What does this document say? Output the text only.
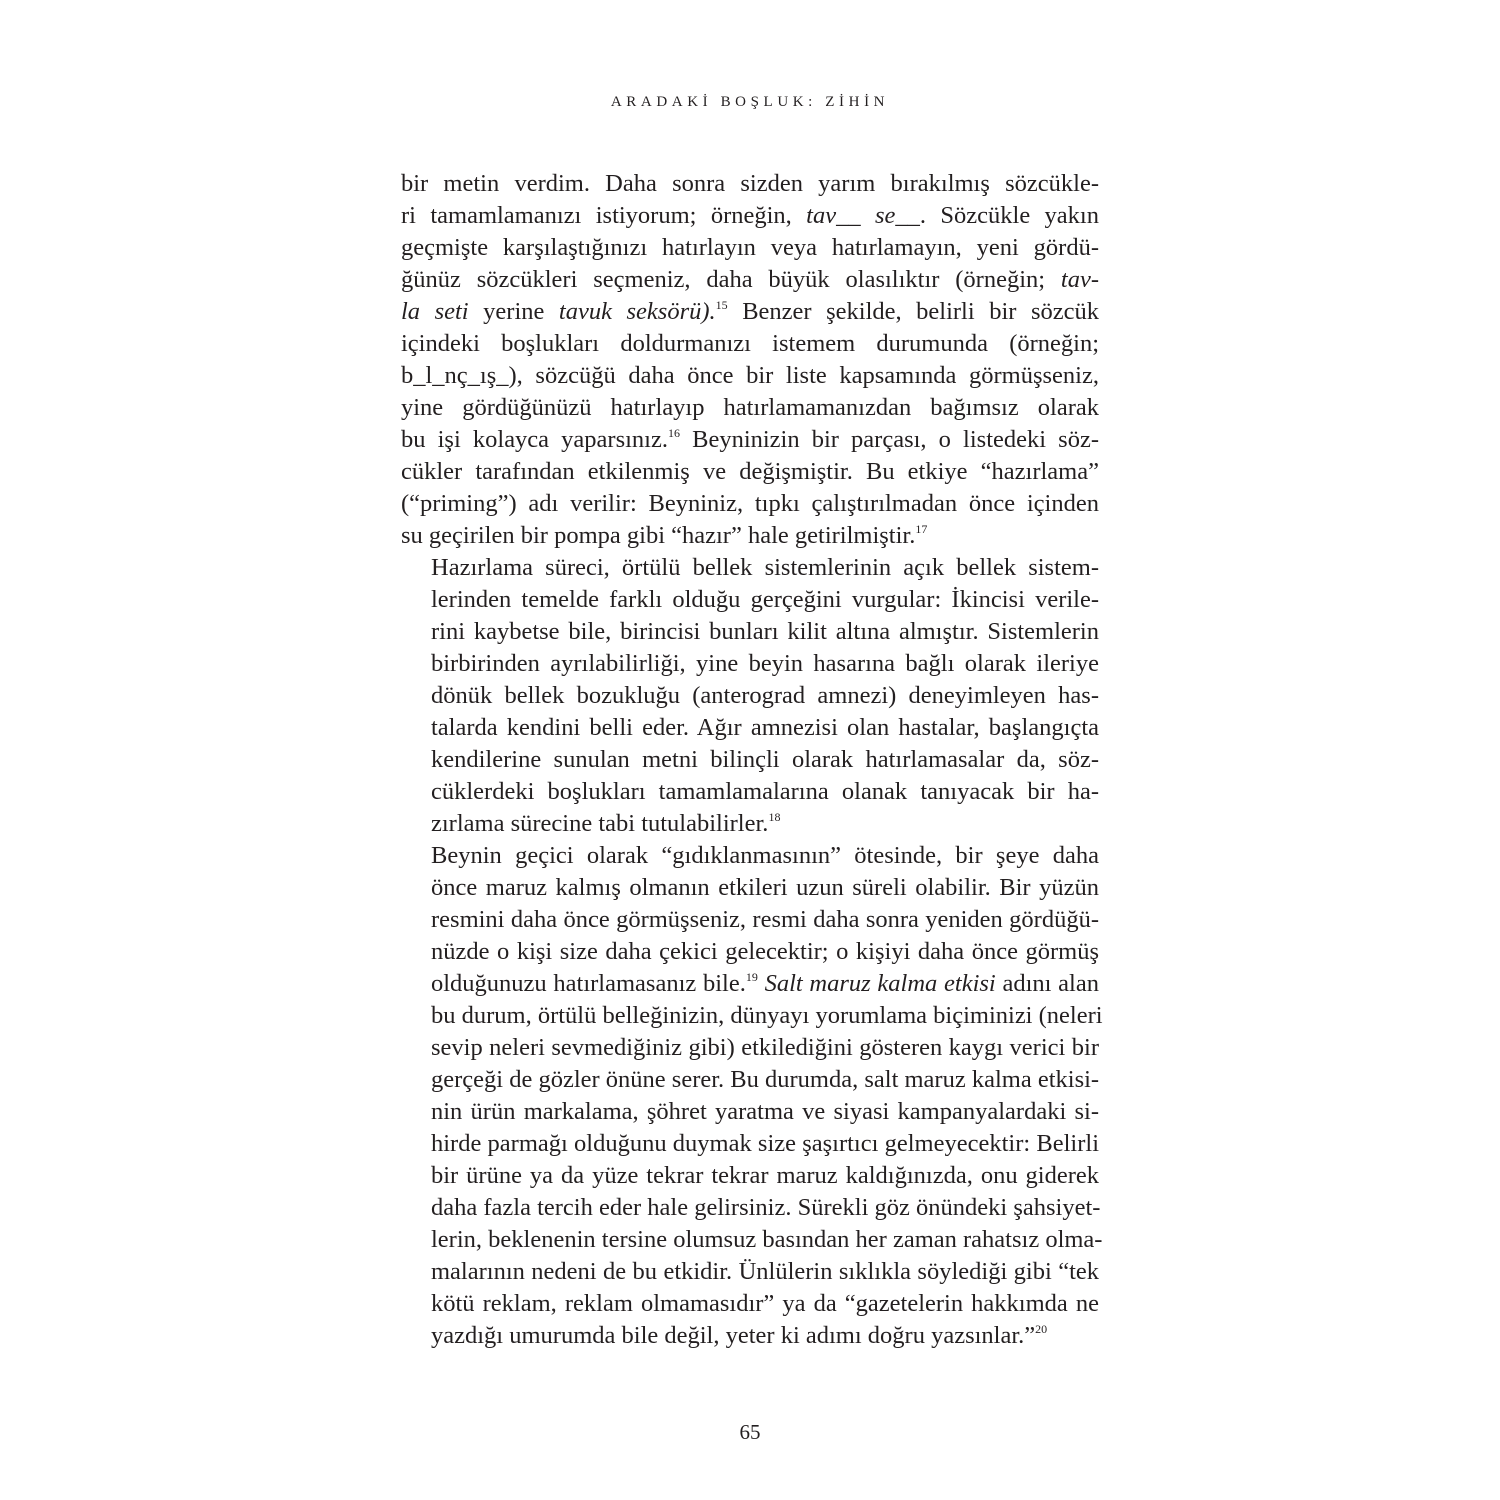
ARADAKİ BOŞLUK: ZİHİN

bir metin verdim. Daha sonra sizden yarım bırakılmış sözcükle-
ri tamamlamanızı istiyorum; örneğin, tav__ se__. Sözcükle yakın
geçmişte karşılaştığınızı hatırlayın veya hatırlamayın, yeni gördü-
ğünüz sözcükleri seçmeniz, daha büyük olasılıktır (örneğin; tav-
la seti yerine tavuk seksörü).$^{15}$ Benzer şekilde, belirli bir sözcük
içindeki boşlukları doldurmanızı istemem durumunda (örneğin;
b_l_nç_ış_), sözcüğü daha önce bir liste kapsamında görmüşseniz,
yine gördüğünüzü hatırlayıp hatırlamamanızdan bağımsız olarak
bu işi kolayca yaparsınız.$^{16}$ Beyninizin bir parçası, o listedeki söz-
cükler tarafından etkilenmiş ve değişmiştir. Bu etkiye “hazırlama”
(“priming”) adı verilir: Beyniniz, tıpkı çalıştırılmadan önce içinden
su geçirilen bir pompa gibi “hazır” hale getirilmiştir.$^{17}$

Hazırlama süreci, örtülü bellek sistemlerinin açık bellek sistem-
lerinden temelde farklı olduğu gerçeğini vurgular: İkincisi verile-
rini kaybetse bile, birincisi bunları kilit altına almıştır. Sistemlerin
birbirinden ayrılabilirliği, yine beyin hasarına bağlı olarak ileriye
dönük bellek bozukluğu (anterograd amnezi) deneyimleyen has-
talarda kendini belli eder. Ağır amnezisi olan hastalar, başlangıçta
kendilerine sunulan metni bilinçli olarak hatırlamasalar da, söz-
cüklerdeki boşlukları tamamlamalarına olanak tanıyacak bir ha-
zırlama sürecine tabi tutulabilirler.$^{18}$

Beynin geçici olarak “gıdıklanmasının” ötesinde, bir şeye daha
önce maruz kalmış olmanın etkileri uzun süreli olabilir. Bir yüzün
resmini daha önce görmüşseniz, resmi daha sonra yeniden gördüğü-
nüzde o kişi size daha çekici gelecektir; o kişiyi daha önce görmüş
olduğunuzu hatırlamasanız bile.$^{19}$ Salt maruz kalma etkisi adını alan
bu durum, örtülü belleğinizin, dünyayı yorumlama biçiminizi (neleri
sevip neleri sevmediğiniz gibi) etkilediğini gösteren kaygı verici bir
gerçeği de gözler önüne serer. Bu durumda, salt maruz kalma etkisi-
nin ürün markalama, şöhret yaratma ve siyasi kampanyalardaki si-
hirde parmağı olduğunu duymak size şaşırtıcı gelmeyecektir: Belirli
bir ürüne ya da yüze tekrar tekrar maruz kaldığınızda, onu giderek
daha fazla tercih eder hale gelirsiniz. Sürekli göz önündeki şahsiyet-
lerin, beklenenin tersine olumsuz basından her zaman rahatsız olma-
malarının nedeni de bu etkidir. Ünlülerin sıklıkla söylediği gibi “tek
kötü reklam, reklam olmamasıdır” ya da “gazetelerin hakkımda ne
yazdığı umurumda bile değil, yeter ki adımı doğru yazsınlar.”$^{20}$

65
